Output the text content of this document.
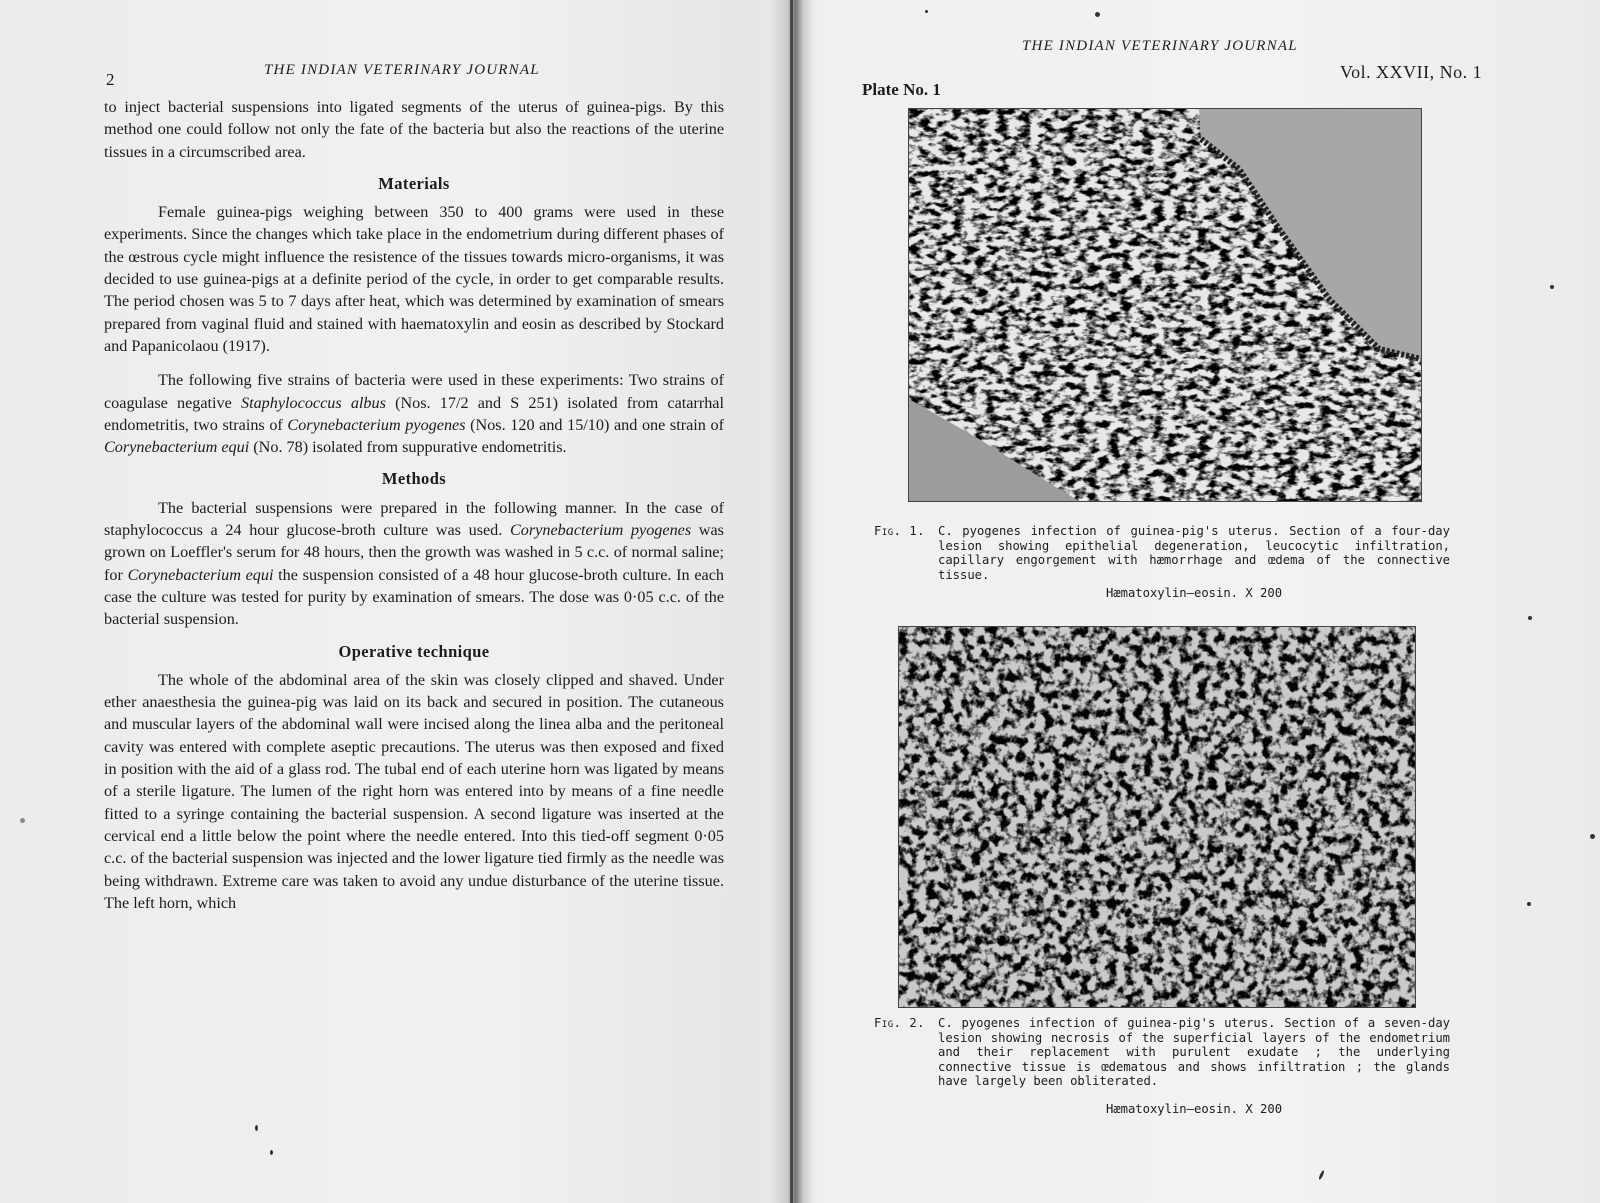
2	THE INDIAN VETERINARY JOURNAL

to inject bacterial suspensions into ligated segments of the uterus of guinea-pigs. By this method one could follow not only the fate of the bacteria but also the reactions of the uterine tissues in a circumscribed area.

Materials

Female guinea-pigs weighing between 350 to 400 grams were used in these experiments. Since the changes which take place in the endometrium during different phases of the œstrous cycle might influence the resistence of the tissues towards micro-organisms, it was decided to use guinea-pigs at a definite period of the cycle, in order to get comparable results. The period chosen was 5 to 7 days after heat, which was determined by examination of smears prepared from vaginal fluid and stained with haematoxylin and eosin as described by Stockard and Papanicolaou (1917).

The following five strains of bacteria were used in these experiments: Two strains of coagulase negative Staphylococcus albus (Nos. 17/2 and S 251) isolated from catarrhal endometritis, two strains of Corynebacterium pyogenes (Nos. 120 and 15/10) and one strain of Corynebacterium equi (No. 78) isolated from suppurative endometritis.

Methods

The bacterial suspensions were prepared in the following manner. In the case of staphylococcus a 24 hour glucose-broth culture was used. Corynebacterium pyogenes was grown on Loeffler's serum for 48 hours, then the growth was washed in 5 c.c. of normal saline; for Corynebacterium equi the suspension consisted of a 48 hour glucose-broth culture. In each case the culture was tested for purity by examination of smears. The dose was 0·05 c.c. of the bacterial suspension.

Operative technique

The whole of the abdominal area of the skin was closely clipped and shaved. Under ether anaesthesia the guinea-pig was laid on its back and secured in position. The cutaneous and muscular layers of the abdominal wall were incised along the linea alba and the peritoneal cavity was entered with complete aseptic precautions. The uterus was then exposed and fixed in position with the aid of a glass rod. The tubal end of each uterine horn was ligated by means of a sterile ligature. The lumen of the right horn was entered into by means of a fine needle fitted to a syringe containing the bacterial suspension. A second ligature was inserted at the cervical end a little below the point where the needle entered. Into this tied-off segment 0·05 c.c. of the bacterial suspension was injected and the lower ligature tied firmly as the needle was being withdrawn. Extreme care was taken to avoid any undue disturbance of the uterine tissue. The left horn, which

THE INDIAN VETERINARY JOURNAL
Vol. XXVII, No. 1
Plate No. 1
Fig. 1. C. pyogenes infection of guinea-pig's uterus. Section of a four-day lesion showing epithelial degeneration, leucocytic infiltration, capillary engorgement with hæmorrhage and œdema of the connective tissue.
Hæmatoxylin–eosin. X 200
Fig. 2. C. pyogenes infection of guinea-pig's uterus. Section of a seven-day lesion showing necrosis of the superficial layers of the endometrium and their replacement with purulent exudate ; the underlying connective tissue is œdematous and shows infiltration ; the glands have largely been obliterated.
Hæmatoxylin–eosin. X 200
